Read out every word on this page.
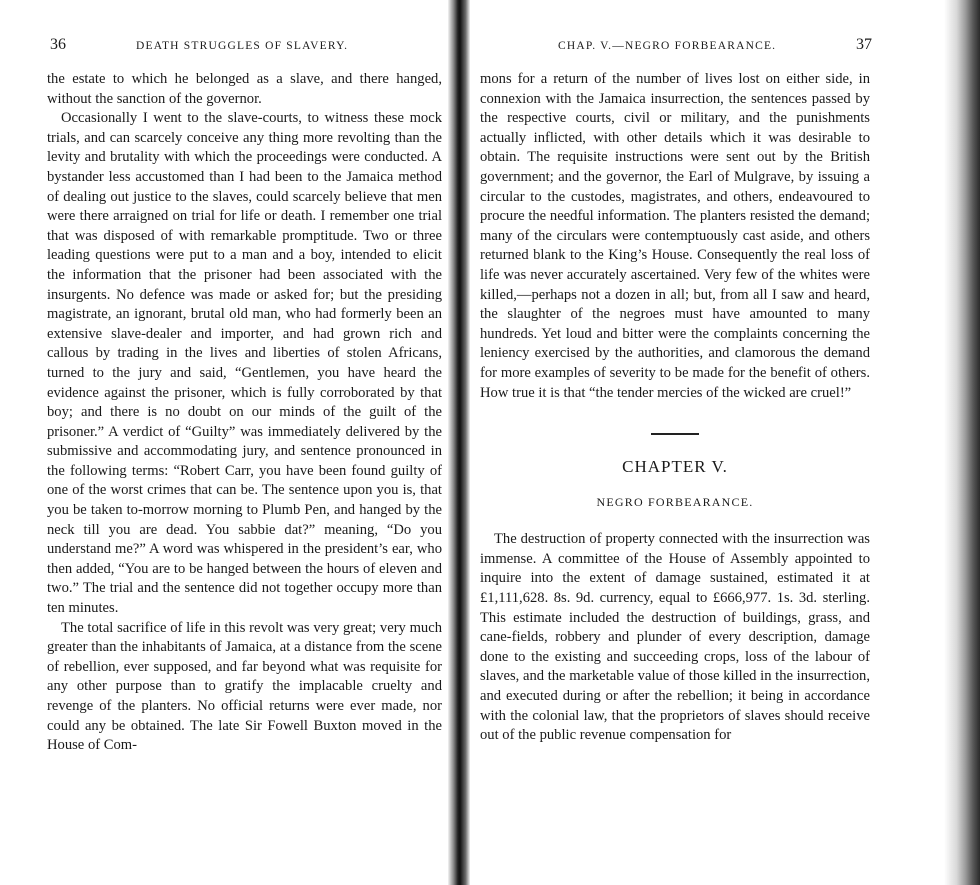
36	DEATH STRUGGLES OF SLAVERY.

the estate to which he belonged as a slave, and there hanged, without the sanction of the governor.

Occasionally I went to the slave-courts, to witness these mock trials, and can scarcely conceive any thing more revolting than the levity and brutality with which the proceedings were conducted. A bystander less accustomed than I had been to the Jamaica method of dealing out justice to the slaves, could scarcely believe that men were there arraigned on trial for life or death. I remember one trial that was disposed of with remarkable promptitude. Two or three leading questions were put to a man and a boy, intended to elicit the information that the prisoner had been associated with the insurgents. No defence was made or asked for; but the presiding magistrate, an ignorant, brutal old man, who had formerly been an extensive slave-dealer and importer, and had grown rich and callous by trading in the lives and liberties of stolen Africans, turned to the jury and said, “Gentlemen, you have heard the evidence against the prisoner, which is fully corroborated by that boy; and there is no doubt on our minds of the guilt of the prisoner.” A verdict of “Guilty” was immediately delivered by the submissive and accommodating jury, and sentence pronounced in the following terms: “Robert Carr, you have been found guilty of one of the worst crimes that can be. The sentence upon you is, that you be taken to-morrow morning to Plumb Pen, and hanged by the neck till you are dead. You sabbie dat?” meaning, “Do you understand me?” A word was whispered in the president’s ear, who then added, “You are to be hanged between the hours of eleven and two.” The trial and the sentence did not together occupy more than ten minutes.

The total sacrifice of life in this revolt was very great; very much greater than the inhabitants of Jamaica, at a distance from the scene of rebellion, ever supposed, and far beyond what was requisite for any other purpose than to gratify the implacable cruelty and revenge of the planters. No official returns were ever made, nor could any be obtained. The late Sir Fowell Buxton moved in the House of Com-

CHAP. V.—NEGRO FORBEARANCE.	37

mons for a return of the number of lives lost on either side, in connexion with the Jamaica insurrection, the sentences passed by the respective courts, civil or military, and the punishments actually inflicted, with other details which it was desirable to obtain. The requisite instructions were sent out by the British government; and the governor, the Earl of Mulgrave, by issuing a circular to the custodes, magistrates, and others, endeavoured to procure the needful information. The planters resisted the demand; many of the circulars were contemptuously cast aside, and others returned blank to the King’s House. Consequently the real loss of life was never accurately ascertained. Very few of the whites were killed,—perhaps not a dozen in all; but, from all I saw and heard, the slaughter of the negroes must have amounted to many hundreds. Yet loud and bitter were the complaints concerning the leniency exercised by the authorities, and clamorous the demand for more examples of severity to be made for the benefit of others. How true it is that “the tender mercies of the wicked are cruel!”

CHAPTER V.
NEGRO FORBEARANCE.

The destruction of property connected with the insurrection was immense. A committee of the House of Assembly appointed to inquire into the extent of damage sustained, estimated it at £1,111,628. 8s. 9d. currency, equal to £666,977. 1s. 3d. sterling. This estimate included the destruction of buildings, grass, and cane-fields, robbery and plunder of every description, damage done to the existing and succeeding crops, loss of the labour of slaves, and the marketable value of those killed in the insurrection, and executed during or after the rebellion; it being in accordance with the colonial law, that the proprietors of slaves should receive out of the public revenue compensation for
